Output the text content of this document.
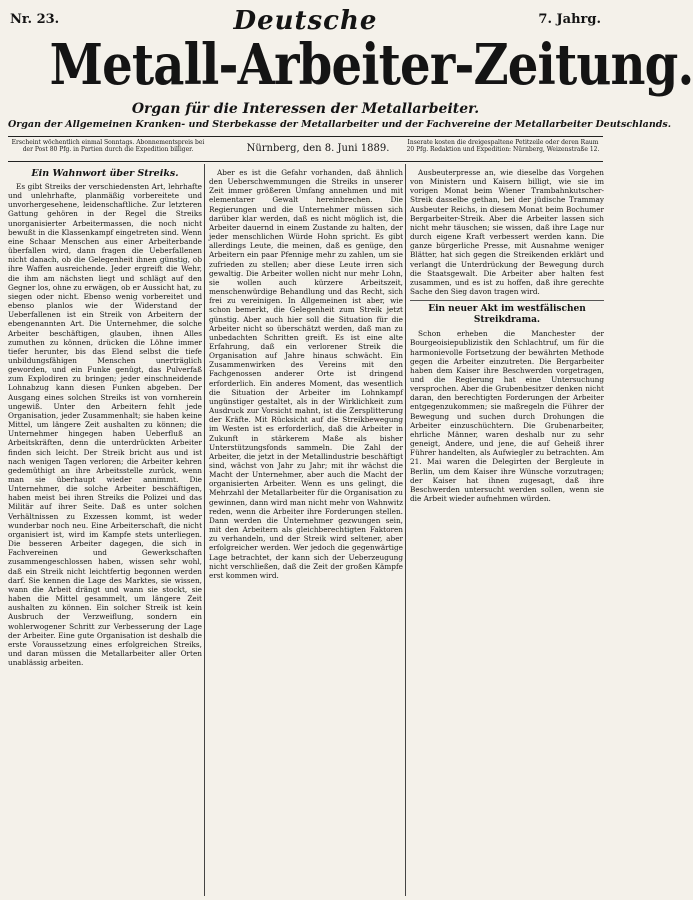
Nr. 23.	Deutsche	7. Jahrg.
Metall-Arbeiter-Zeitung.
Organ für die Interessen der Metallarbeiter.
Organ der Allgemeinen Kranken- und Sterbekasse der Metallarbeiter und der Fachvereine der Metallarbeiter Deutschlands.
Erscheint wöchentlich einmal Sonntags. Abonnementspreis bei der Post 80 Pfg. in Partien durch die Expedition billiger.	Nürnberg, den 8. Juni 1889.
Inserate kosten die dreigespaltene Petitzeile oder deren Raum 20 Pfg. Redaktion und Expedition: Nürnberg, Weizenstraße 12.
Ein Wahnwort über Streiks.

Es gibt Streiks der verschiedensten Art, lehrhafte und unlehrhafte, planmäßig vorbereitete und unvorhergesehene, leidenschaftliche. Zur letzteren Gattung gehören in der Regel die Streiks unorganisierter Arbeitermassen, die noch nicht bewußt in die Klassenkampf eingetreten sind. Wenn eine Schaar Menschen aus einer Arbeiterbande überfallen wird, dann fragen die Ueberfallenen nicht danach, ob die Gelegenheit ihnen günstig, ob ihre Waffen ausreichende. Jeder ergreift die Wehr, die ihm am nächsten liegt und schlägt auf den Gegner los, ohne zu erwägen, ob er Aussicht hat, zu siegen oder nicht. Ebenso wenig vorbereitet und ebenso planlos wie der Widerstand der Ueberfallenen ist ein Streik von Arbeitern der ebengenannten Art. Die Unternehmer, die solche Arbeiter beschäftigen, glauben, ihnen Alles zumuthen zu können, drücken die Löhne immer tiefer herunter, bis das Elend selbst die tiefe unbildungsfähigen Menschen unerträglich geworden, und ein Funke genügt, das Pulverfaß zum Explodiren zu bringen; jeder einschneidende Lohnabzug kann diesen Funken abgeben. Der Ausgang eines solchen Streiks ist von vornherein ungewiß. Unter den Arbeitern fehlt jede Organisation, jeder Zusammenhalt; sie haben keine Mittel, um längere Zeit aushalten zu können; die Unternehmer hingegen haben Ueberfluß an Arbeitskräften, denn die unterdrückten Arbeiter finden sich leicht. Der Streik bricht aus und ist nach wenigen Tagen verloren; die Arbeiter kehren gedemüthigt an ihre Arbeitsstelle zurück, wenn man sie überhaupt wieder annimmt. Die Unternehmer, die solche Arbeiter beschäftigen, haben meist bei ihren Streiks die Polizei und das Militär auf ihrer Seite. Daß es unter solchen Verhältnissen zu Exzessen kommt, ist weder wunderbar noch neu. Eine Arbeiterschaft, die nicht organisiert ist, wird im Kampfe stets unterliegen. Die besseren Arbeiter dagegen, die sich in Fachvereinen und Gewerkschaften zusammengeschlossen haben, wissen sehr wohl, daß ein Streik nicht leichtfertig begonnen werden darf. Sie kennen die Lage des Marktes, sie wissen, wann die Arbeit drängt und wann sie stockt, sie haben die Mittel gesammelt, um längere Zeit aushalten zu können. Ein solcher Streik ist kein Ausbruch der Verzweiflung, sondern ein wohlerwogener Schritt zur Verbesserung der Lage der Arbeiter. Eine gute Organisation ist deshalb die erste Voraussetzung eines erfolgreichen Streiks, und daran müssen die Metallarbeiter aller Orten unablässig arbeiten.

Aber es ist die Gefahr vorhanden, daß ähnlich den Ueberschwemmungen die Streiks in unserer Zeit immer größeren Umfang annehmen und mit elementarer Gewalt hereinbrechen. Die Regierungen und die Unternehmer müssen sich darüber klar werden, daß es nicht möglich ist, die Arbeiter dauernd in einem Zustande zu halten, der jeder menschlichen Würde Hohn spricht. Es gibt allerdings Leute, die meinen, daß es genüge, den Arbeitern ein paar Pfennige mehr zu zahlen, um sie zufrieden zu stellen; aber diese Leute irren sich gewaltig. Die Arbeiter wollen nicht nur mehr Lohn, sie wollen auch kürzere Arbeitszeit, menschenwürdige Behandlung und das Recht, sich frei zu vereinigen. In Allgemeinen ist aber, wie schon bemerkt, die Gelegenheit zum Streik jetzt günstig. Aber auch hier soll die Situation für die Arbeiter nicht so überschätzt werden, daß man zu unbedachten Schritten greift. Es ist eine alte Erfahrung, daß ein verlorener Streik die Organisation auf Jahre hinaus schwächt. Ein Zusammenwirken des Vereins mit den Fachgenossen anderer Orte ist dringend erforderlich. Ein anderes Moment, das wesentlich die Situation der Arbeiter im Lohnkampf ungünstiger gestaltet, als in der Wirklichkeit zum Ausdruck zur Vorsicht mahnt, ist die Zersplitterung der Kräfte. Mit Rücksicht auf die Streikbewegung im Westen ist es erforderlich, daß die Arbeiter in Zukunft in stärkerem Maße als bisher Unterstützungsfonds sammeln. Die Zahl der Arbeiter, die jetzt in der Metallindustrie beschäftigt sind, wächst von Jahr zu Jahr; mit ihr wächst die Macht der Unternehmer, aber auch die Macht der organisierten Arbeiter. Wenn es uns gelingt, die Mehrzahl der Metallarbeiter für die Organisation zu gewinnen, dann wird man nicht mehr von Wahnwitz reden, wenn die Arbeiter ihre Forderungen stellen. Dann werden die Unternehmer gezwungen sein, mit den Arbeitern als gleichberechtigten Faktoren zu verhandeln, und der Streik wird seltener, aber erfolgreicher werden. Wer jedoch die gegenwärtige Lage betrachtet, der kann sich der Ueberzeugung nicht verschließen, daß die Zeit der großen Kämpfe erst kommen wird.

Ausbeuterpresse an, wie dieselbe das Vorgehen von Ministern und Kaisern billigt, wie sie im vorigen Monat beim Wiener Trambahnkutscher-Streik dasselbe gethan, bei der jüdische Trammay Ausbeuter Reichs, in diesem Monat beim Bochumer Bergarbeiter-Streik. Aber die Arbeiter lassen sich nicht mehr täuschen; sie wissen, daß ihre Lage nur durch eigene Kraft verbessert werden kann. Die ganze bürgerliche Presse, mit Ausnahme weniger Blätter, hat sich gegen die Streikenden erklärt und verlangt die Unterdrückung der Bewegung durch die Staatsgewalt. Die Arbeiter aber halten fest zusammen, und es ist zu hoffen, daß ihre gerechte Sache den Sieg davon tragen wird.

Ein neuer Akt im westfälischen Streikdrama.

Schon erheben die Manchester der Bourgeoisiepublizistik den Schlachtruf, um für die harmonievolle Fortsetzung der bewährten Methode gegen die Arbeiter einzutreten. Die Bergarbeiter haben dem Kaiser ihre Beschwerden vorgetragen, und die Regierung hat eine Untersuchung versprochen. Aber die Grubenbesitzer denken nicht daran, den berechtigten Forderungen der Arbeiter entgegenzukommen; sie maßregeln die Führer der Bewegung und suchen durch Drohungen die Arbeiter einzuschüchtern. Die Grubenarbeiter, ehrliche Männer, waren deshalb nur zu sehr geneigt, Andere, und jene, die auf Geheiß ihrer Führer handelten, als Aufwiegler zu betrachten. Am 21. Mai waren die Delegirten der Bergleute in Berlin, um dem Kaiser ihre Wünsche vorzutragen; der Kaiser hat ihnen zugesagt, daß ihre Beschwerden untersucht werden sollen, wenn sie die Arbeit wieder aufnehmen würden.
